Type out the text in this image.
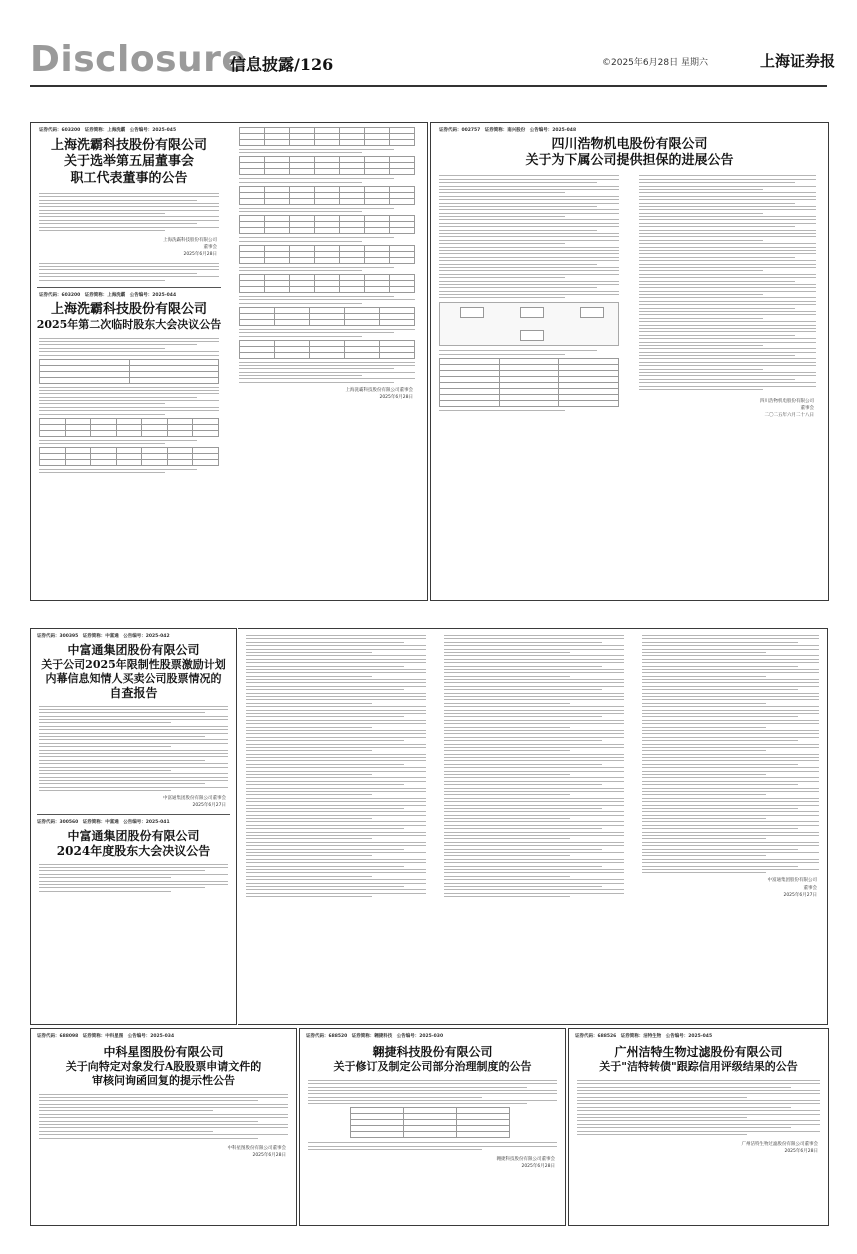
Disclosure
信息披露/126	©2025年6月28日 星期六	上海证券报
证券代码：603200　证券简称：上海洗霸　公告编号：2025-045
上海洗霸科技股份有限公司
关于选举第五届董事会
职工代表董事的公告
上海洗霸科技股份有限公司
董事会
2025年6月28日
证券代码：603200　证券简称：上海洗霸　公告编号：2025-044
上海洗霸科技股份有限公司
2025年第二次临时股东大会决议公告

上海洗霸科技股份有限公司董事会
2025年6月28日
证券代码：002757　证券简称：南兴股份　公告编号：2025-048
四川浩物机电股份有限公司
关于为下属公司提供担保的进展公告

四川浩物机电股份有限公司
董事会
二〇二五年六月二十八日
证券代码：300395　证券简称：中富通　公告编号：2025-042
中富通集团股份有限公司
关于公司2025年限制性股票激励计划
内幕信息知情人买卖公司股票情况的
自查报告
中富通集团股份有限公司董事会
2025年6月27日
证券代码：300560　证券简称：中富通　公告编号：2025-041
中富通集团股份有限公司
2024年度股东大会决议公告
中富通集团股份有限公司
董事会
2025年6月27日
证券代码：688098　证券简称：中科星图　公告编号：2025-034
中科星图股份有限公司
关于向特定对象发行A股股票申请文件的
审核问询函回复的提示性公告
中科星图股份有限公司董事会
2025年6月28日
证券代码：688520　证券简称：翱捷科技　公告编号：2025-030
翱捷科技股份有限公司
关于修订及制定公司部分治理制度的公告

翱捷科技股份有限公司董事会
2025年6月28日
证券代码：688526　证券简称：洁特生物　公告编号：2025-045
广州洁特生物过滤股份有限公司
关于"洁特转债"跟踪信用评级结果的公告
广州洁特生物过滤股份有限公司董事会
2025年6月28日
